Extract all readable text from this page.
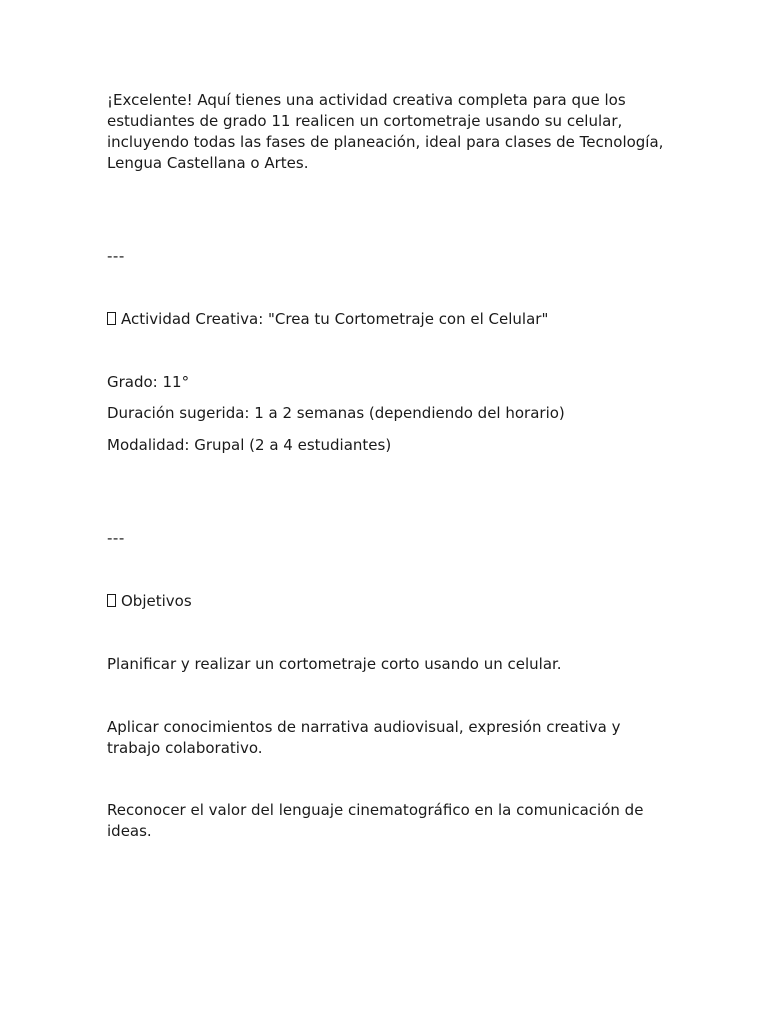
¡Excelente! Aquí tienes una actividad creativa completa para que los estudiantes de grado 11 realicen un cortometraje usando su celular, incluyendo todas las fases de planeación, ideal para clases de Tecnología, Lengua Castellana o Artes.

---

Actividad Creativa: "Crea tu Cortometraje con el Celular"

Grado: 11°

Duración sugerida: 1 a 2 semanas (dependiendo del horario)

Modalidad: Grupal (2 a 4 estudiantes)

---

Objetivos

Planificar y realizar un cortometraje corto usando un celular.

Aplicar conocimientos de narrativa audiovisual, expresión creativa y trabajo colaborativo.

Reconocer el valor del lenguaje cinematográfico en la comunicación de ideas.
